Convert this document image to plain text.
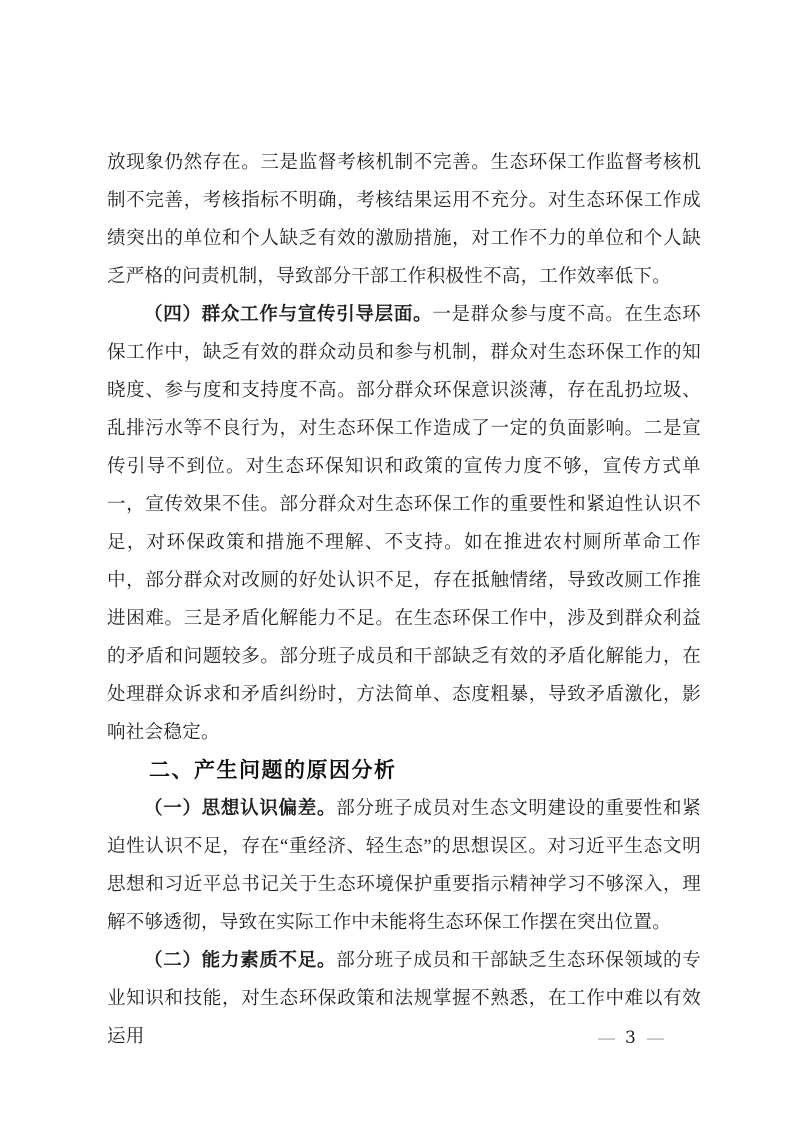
放现象仍然存在。三是监督考核机制不完善。生态环保工作监督考核机制不完善，考核指标不明确，考核结果运用不充分。对生态环保工作成绩突出的单位和个人缺乏有效的激励措施，对工作不力的单位和个人缺乏严格的问责机制，导致部分干部工作积极性不高，工作效率低下。

（四）群众工作与宣传引导层面。一是群众参与度不高。在生态环保工作中，缺乏有效的群众动员和参与机制，群众对生态环保工作的知晓度、参与度和支持度不高。部分群众环保意识淡薄，存在乱扔垃圾、乱排污水等不良行为，对生态环保工作造成了一定的负面影响。二是宣传引导不到位。对生态环保知识和政策的宣传力度不够，宣传方式单一，宣传效果不佳。部分群众对生态环保工作的重要性和紧迫性认识不足，对环保政策和措施不理解、不支持。如在推进农村厕所革命工作中，部分群众对改厕的好处认识不足，存在抵触情绪，导致改厕工作推进困难。三是矛盾化解能力不足。在生态环保工作中，涉及到群众利益的矛盾和问题较多。部分班子成员和干部缺乏有效的矛盾化解能力，在处理群众诉求和矛盾纠纷时，方法简单、态度粗暴，导致矛盾激化，影响社会稳定。

二、产生问题的原因分析

（一）思想认识偏差。部分班子成员对生态文明建设的重要性和紧迫性认识不足，存在“重经济、轻生态”的思想误区。对习近平生态文明思想和习近平总书记关于生态环境保护重要指示精神学习不够深入，理解不够透彻，导致在实际工作中未能将生态环保工作摆在突出位置。

（二）能力素质不足。部分班子成员和干部缺乏生态环保领域的专业知识和技能，对生态环保政策和法规掌握不熟悉，在工作中难以有效运用	— 3 —
